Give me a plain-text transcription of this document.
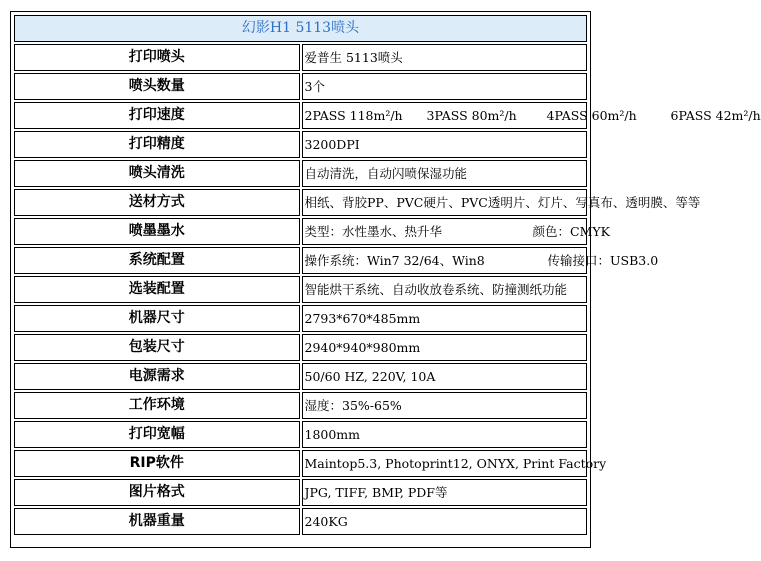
幻影H1 5113喷头	
打印喷头	爱普生 5113喷头
喷头数量	3个
打印速度	2PASS 118m²/h 3PASS 80m²/h 4PASS 60m²/h 6PASS 42m²/h
打印精度	3200DPI
喷头清洗	自动清洗，自动闪喷保湿功能
送材方式	相纸、背胶PP、PVC硬片、PVC透明片、灯片、写真布、透明膜、等等
喷墨墨水	类型：水性墨水、热升华 颜色：CMYK
系统配置	操作系统：Win7 32/64、Win8 传输接口：USB3.0
选装配置	智能烘干系统、自动收放卷系统、防撞测纸功能
机器尺寸	2793*670*485mm
包装尺寸	2940*940*980mm
电源需求	50/60 HZ, 220V, 10A
工作环境	湿度：35%-65%
打印宽幅	1800mm
RIP软件	Maintop5.3, Photoprint12, ONYX, Print Factory
图片格式	JPG, TIFF, BMP, PDF等
机器重量	240KG
